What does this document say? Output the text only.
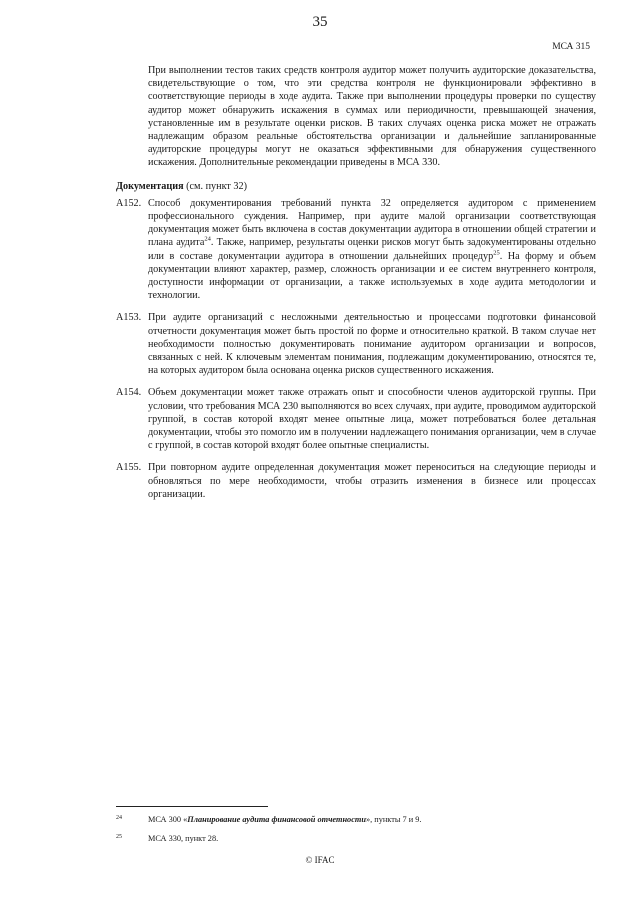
35
МСА 315

При выполнении тестов таких средств контроля аудитор может получить аудиторские доказательства, свидетельствующие о том, что эти средства контроля не функционировали эффективно в соответствующие периоды в ходе аудита. Также при выполнении процедуры проверки по существу аудитор может обнаружить искажения в суммах или периодичности, превышающей значения, установленные им в результате оценки рисков. В таких случаях оценка риска может не отражать надлежащим образом реальные обстоятельства организации и дальнейшие запланированные аудиторские процедуры могут не оказаться эффективными для обнаружения существенного искажения. Дополнительные рекомендации приведены в МСА 330.

Документация (см. пункт 32)
A152. Способ документирования требований пункта 32 определяется аудитором с применением профессионального суждения. Например, при аудите малой организации соответствующая документация может быть включена в состав документации аудитора в отношении общей стратегии и плана аудита$^{24}$. Также, например, результаты оценки рисков могут быть задокументированы отдельно или в составе документации аудитора в отношении дальнейших процедур$^{25}$. На форму и объем документации влияют характер, размер, сложность организации и ее систем внутреннего контроля, доступности информации от организации, а также используемых в ходе аудита методологии и технологии.

A153. При аудите организаций с несложными деятельностью и процессами подготовки финансовой отчетности документация может быть простой по форме и относительно краткой. В таком случае нет необходимости полностью документировать понимание аудитором организации и вопросов, связанных с ней. К ключевым элементам понимания, подлежащим документированию, относятся те, на которых аудитором была основана оценка рисков существенного искажения.

A154. Объем документации может также отражать опыт и способности членов аудиторской группы. При условии, что требования МСА 230 выполняются во всех случаях, при аудите, проводимом аудиторской группой, в состав которой входят менее опытные лица, может потребоваться более детальная документации, чтобы это помогло им в получении надлежащего понимания организации, чем в случае с группой, в состав которой входят более опытные специалисты.

A155. При повторном аудите определенная документация может переноситься на следующие периоды и обновляться по мере необходимости, чтобы отразить изменения в бизнесе или процессах организации.

24	МСА 300 «Планирование аудита финансовой отчетности», пункты 7 и 9.
25	МСА 330, пункт 28.
© IFAC
